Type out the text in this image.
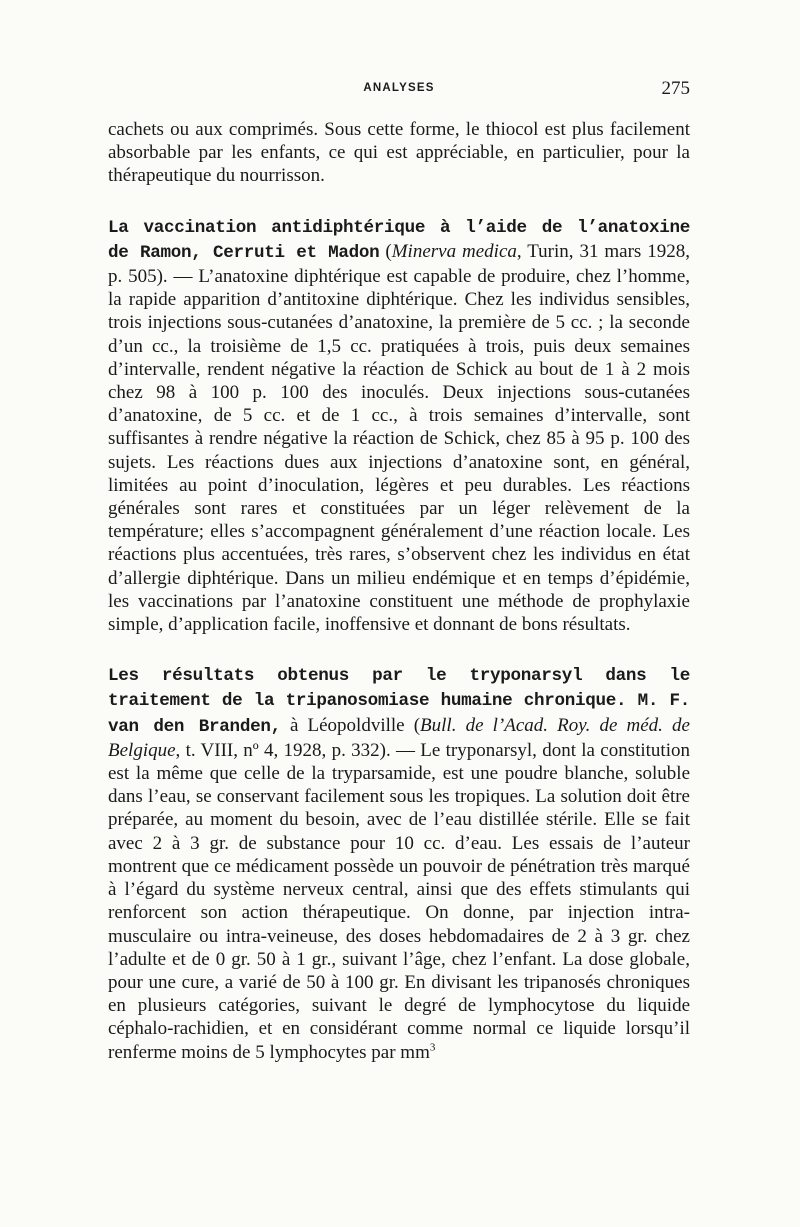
ANALYSES	275

cachets ou aux comprimés. Sous cette forme, le thiocol est plus facilement absorbable par les enfants, ce qui est appréciable, en particulier, pour la thérapeutique du nourrisson.

La vaccination antidiphtérique à l’aide de l’anatoxine de Ramon, Cerruti et Madon (Minerva medica, Turin, 31 mars 1928, p. 505). — L’anatoxine diphtérique est capable de produire, chez l’homme, la rapide apparition d’antitoxine diphtérique. Chez les individus sensibles, trois injections sous-cutanées d’anatoxine, la première de 5 cc. ; la seconde d’un cc., la troisième de 1,5 cc. pratiquées à trois, puis deux semaines d’intervalle, rendent négative la réaction de Schick au bout de 1 à 2 mois chez 98 à 100 p. 100 des inoculés. Deux injections sous-cutanées d’anatoxine, de 5 cc. et de 1 cc., à trois semaines d’intervalle, sont suffisantes à rendre négative la réaction de Schick, chez 85 à 95 p. 100 des sujets. Les réactions dues aux injections d’anatoxine sont, en général, limitées au point d’inoculation, légères et peu durables. Les réactions générales sont rares et constituées par un léger relèvement de la température; elles s’accompagnent généralement d’une réaction locale. Les réactions plus accentuées, très rares, s’observent chez les individus en état d’allergie diphtérique. Dans un milieu endémique et en temps d’épidémie, les vaccinations par l’anatoxine constituent une méthode de prophylaxie simple, d’application facile, inoffensive et donnant de bons résultats.

Les résultats obtenus par le tryponarsyl dans le traitement de la tripanosomiase humaine chronique. M. F. van den Branden, à Léopoldville (Bull. de l’Acad. Roy. de méd. de Belgique, t. VIII, nº 4, 1928, p. 332). — Le tryponarsyl, dont la constitution est la même que celle de la tryparsamide, est une poudre blanche, soluble dans l’eau, se conservant facilement sous les tropiques. La solution doit être préparée, au moment du besoin, avec de l’eau distillée stérile. Elle se fait avec 2 à 3 gr. de substance pour 10 cc. d’eau. Les essais de l’auteur montrent que ce médicament possède un pouvoir de pénétration très marqué à l’égard du système nerveux central, ainsi que des effets stimulants qui renforcent son action thérapeutique. On donne, par injection intra-musculaire ou intra-veineuse, des doses hebdomadaires de 2 à 3 gr. chez l’adulte et de 0 gr. 50 à 1 gr., suivant l’âge, chez l’enfant. La dose globale, pour une cure, a varié de 50 à 100 gr. En divisant les tripanosés chroniques en plusieurs catégories, suivant le degré de lymphocytose du liquide céphalo-rachidien, et en considérant comme normal ce liquide lorsqu’il renferme moins de 5 lymphocytes par $mm^3$
